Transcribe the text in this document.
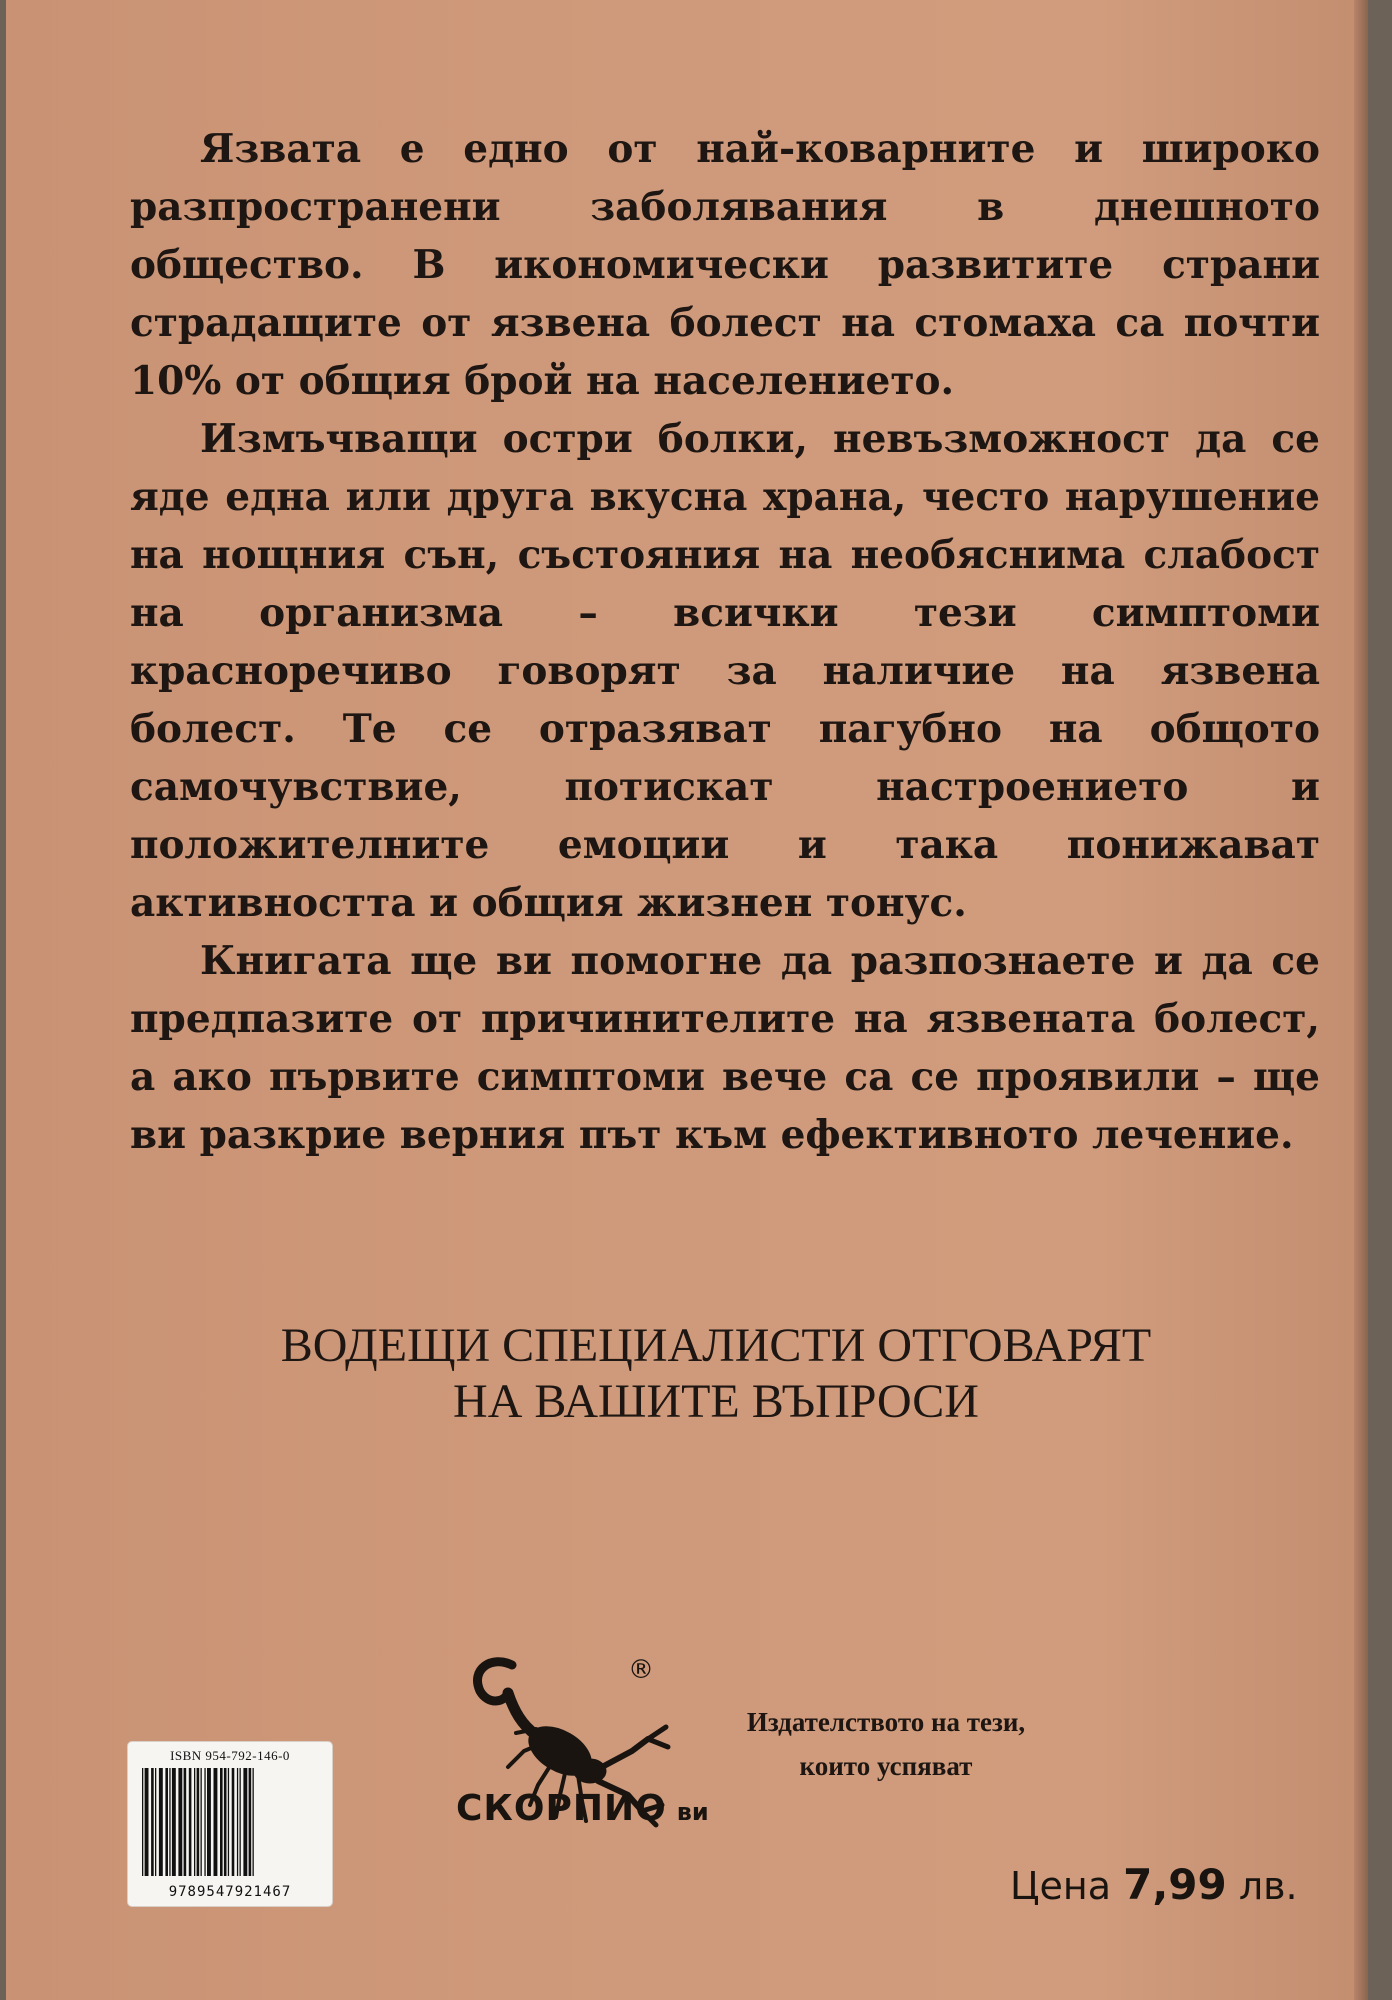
Язвата е едно от най-коварните и широко разпространени заболявания в днешното общество. В икономически развитите страни страдащите от язвена болест на стомаха са почти 10% от общия брой на населението.

Измъчващи остри болки, невъзможност да се яде една или друга вкусна храна, често нарушение на нощния сън, състояния на необяснима слабост на организма – всички тези симптоми красноречиво говорят за наличие на язвена болест. Те се отразяват пагубно на общото самочувствие, потискат настроението и положителните емоции и така понижават активността и общия жизнен тонус.

Книгата ще ви помогне да разпознаете и да се предпазите от причинителите на язвената болест, а ако първите симптоми вече са се проявили – ще ви разкрие верния път към ефективното лечение.

ВОДЕЩИ СПЕЦИАЛИСТИ ОТГОВАРЯТ
НА ВАШИТЕ ВЪПРОСИ
®
СКОРПИО ви
Издателството на тези,
които успяват
Цена 7,99 лв.
ISBN 954-792-146-0
9789547921467
